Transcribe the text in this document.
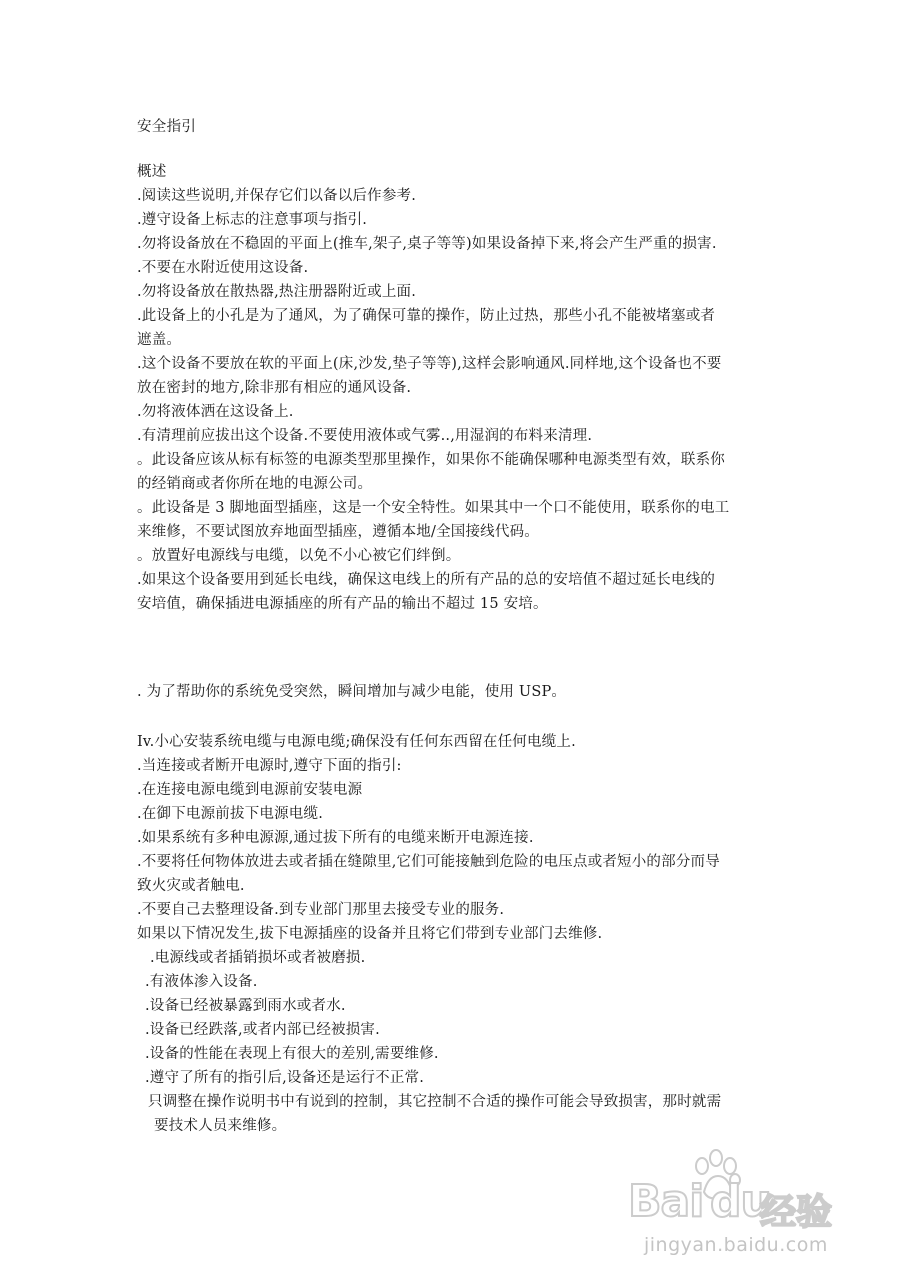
安全指引
概述
.阅读这些说明,并保存它们以备以后作参考.
.遵守设备上标志的注意事项与指引.
.勿将设备放在不稳固的平面上(推车,架子,桌子等等)如果设备掉下来,将会产生严重的损害.
.不要在水附近使用这设备.
.勿将设备放在散热器,热注册器附近或上面.
.此设备上的小孔是为了通风，为了确保可靠的操作，防止过热，那些小孔不能被堵塞或者
遮盖。
.这个设备不要放在软的平面上(床,沙发,垫子等等),这样会影响通风.同样地,这个设备也不要
放在密封的地方,除非那有相应的通风设备.
.勿将液体洒在这设备上.
.有清理前应拔出这个设备.不要使用液体或气雾..,用湿润的布料来清理.
。此设备应该从标有标签的电源类型那里操作，如果你不能确保哪种电源类型有效，联系你
的经销商或者你所在地的电源公司。
。此设备是 3 脚地面型插座，这是一个安全特性。如果其中一个口不能使用，联系你的电工
来维修，不要试图放弃地面型插座，遵循本地/全国接线代码。
。放置好电源线与电缆，以免不小心被它们绊倒。
.如果这个设备要用到延长电线，确保这电线上的所有产品的总的安培值不超过延长电线的
安培值，确保插进电源插座的所有产品的输出不超过 15 安培。
. 为了帮助你的系统免受突然，瞬间增加与减少电能，使用 USP。
Iv.小心安装系统电缆与电源电缆;确保没有任何东西留在任何电缆上.
.当连接或者断开电源时,遵守下面的指引:
.在连接电源电缆到电源前安装电源
.在御下电源前拔下电源电缆.
.如果系统有多种电源源,通过拔下所有的电缆来断开电源连接.
.不要将任何物体放进去或者插在缝隙里,它们可能接触到危险的电压点或者短小的部分而导
致火灾或者触电.
.不要自己去整理设备.到专业部门那里去接受专业的服务.
如果以下情况发生,拔下电源插座的设备并且将它们带到专业部门去维修.
.电源线或者插销损坏或者被磨损.
.有液体渗入设备.
.设备已经被暴露到雨水或者水.
.设备已经跌落,或者内部已经被损害.
.设备的性能在表现上有很大的差别,需要维修.
.遵守了所有的指引后,设备还是运行不正常.
只调整在操作说明书中有说到的控制，其它控制不合适的操作可能会导致损害，那时就需
要技术人员来维修。
Bai du
经验
jingyan.baidu.com
